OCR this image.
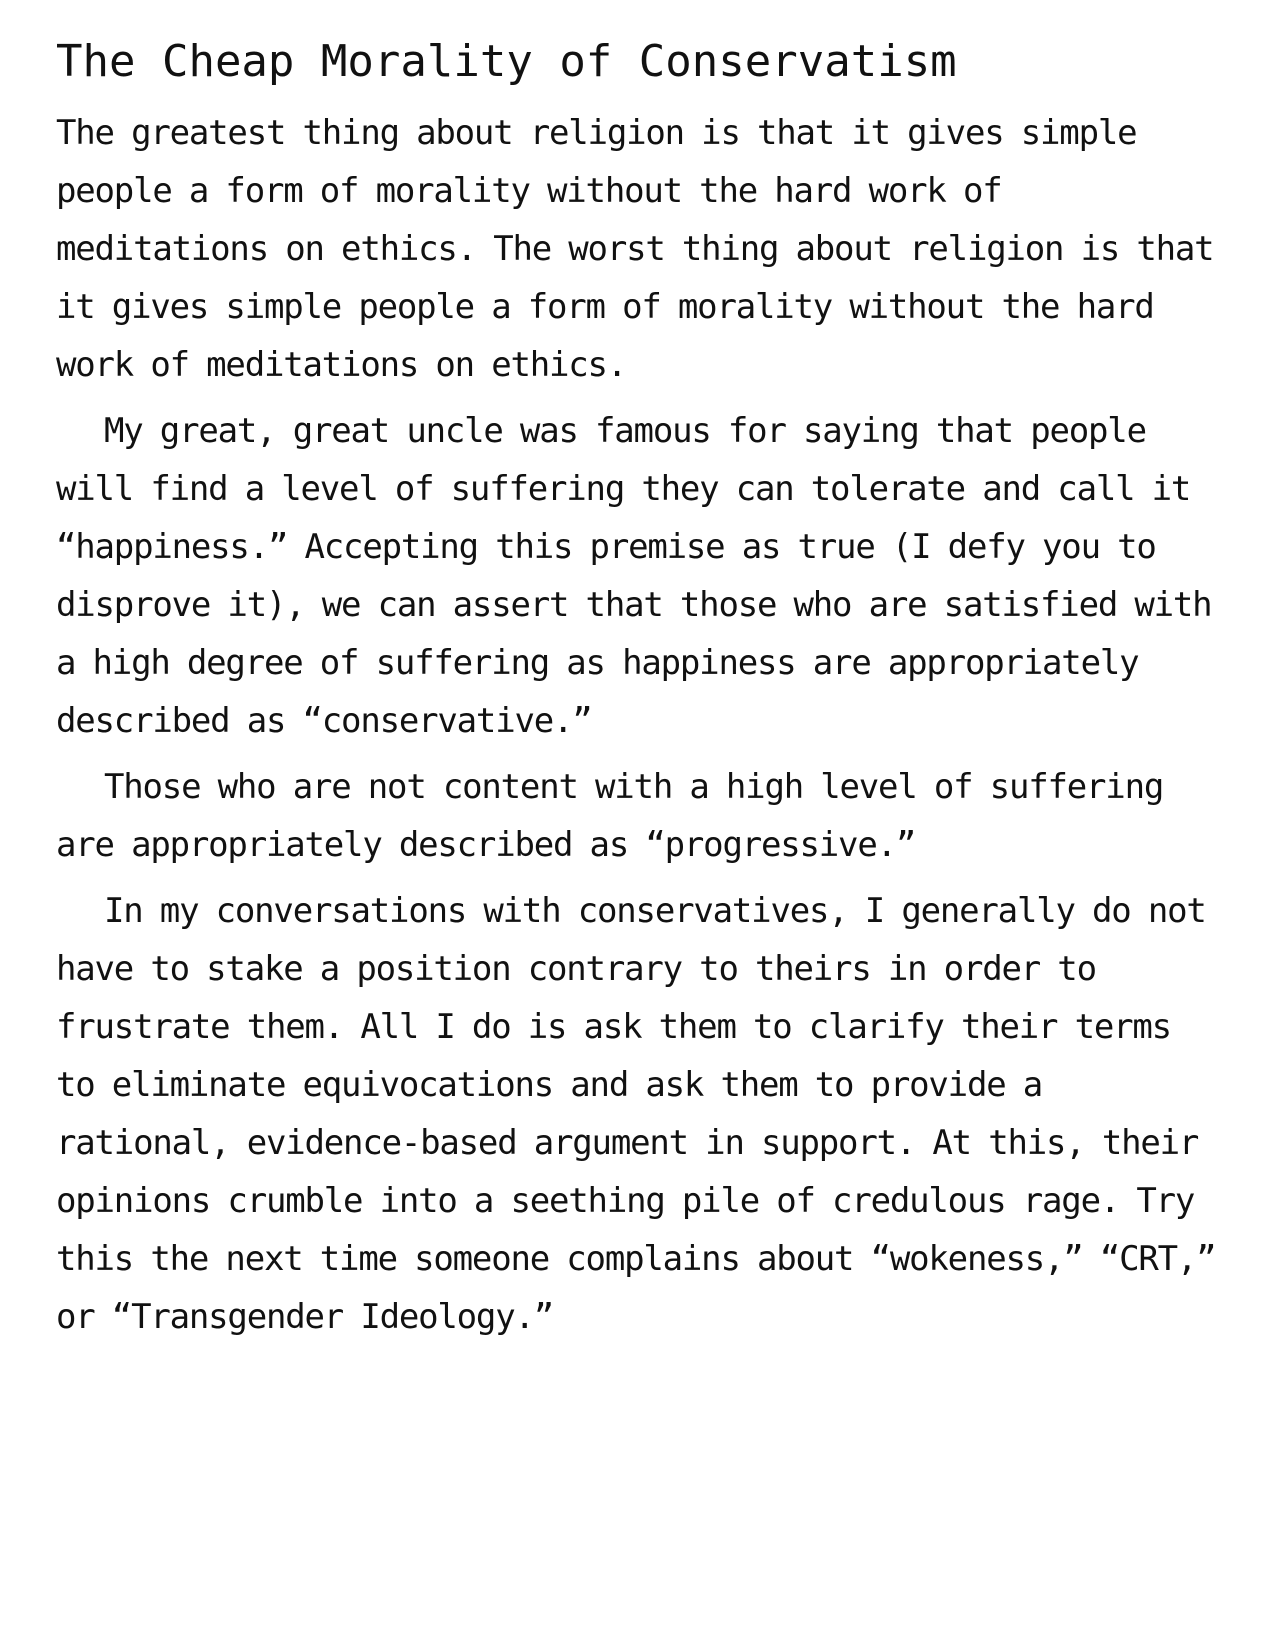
The Cheap Morality of Conservatism

The greatest thing about religion is that it gives simple people a form of morality without the hard work of meditations on ethics. The worst thing about religion is that it gives simple people a form of morality without the hard work of meditations on ethics.

My great, great uncle was famous for saying that people will find a level of suffering they can tolerate and call it “happiness.” Accepting this premise as true (I defy you to disprove it), we can assert that those who are satisfied with a high degree of suffering as happiness are appropriately described as “conservative.”

Those who are not content with a high level of suffering are appropriately described as “progressive.”

In my conversations with conservatives, I generally do not have to stake a position contrary to theirs in order to frustrate them. All I do is ask them to clarify their terms to eliminate equivocations and ask them to provide a rational, evidence-based argument in support. At this, their opinions crumble into a seething pile of credulous rage. Try this the next time someone complains about “wokeness,” “CRT,” or “Transgender Ideology.”
